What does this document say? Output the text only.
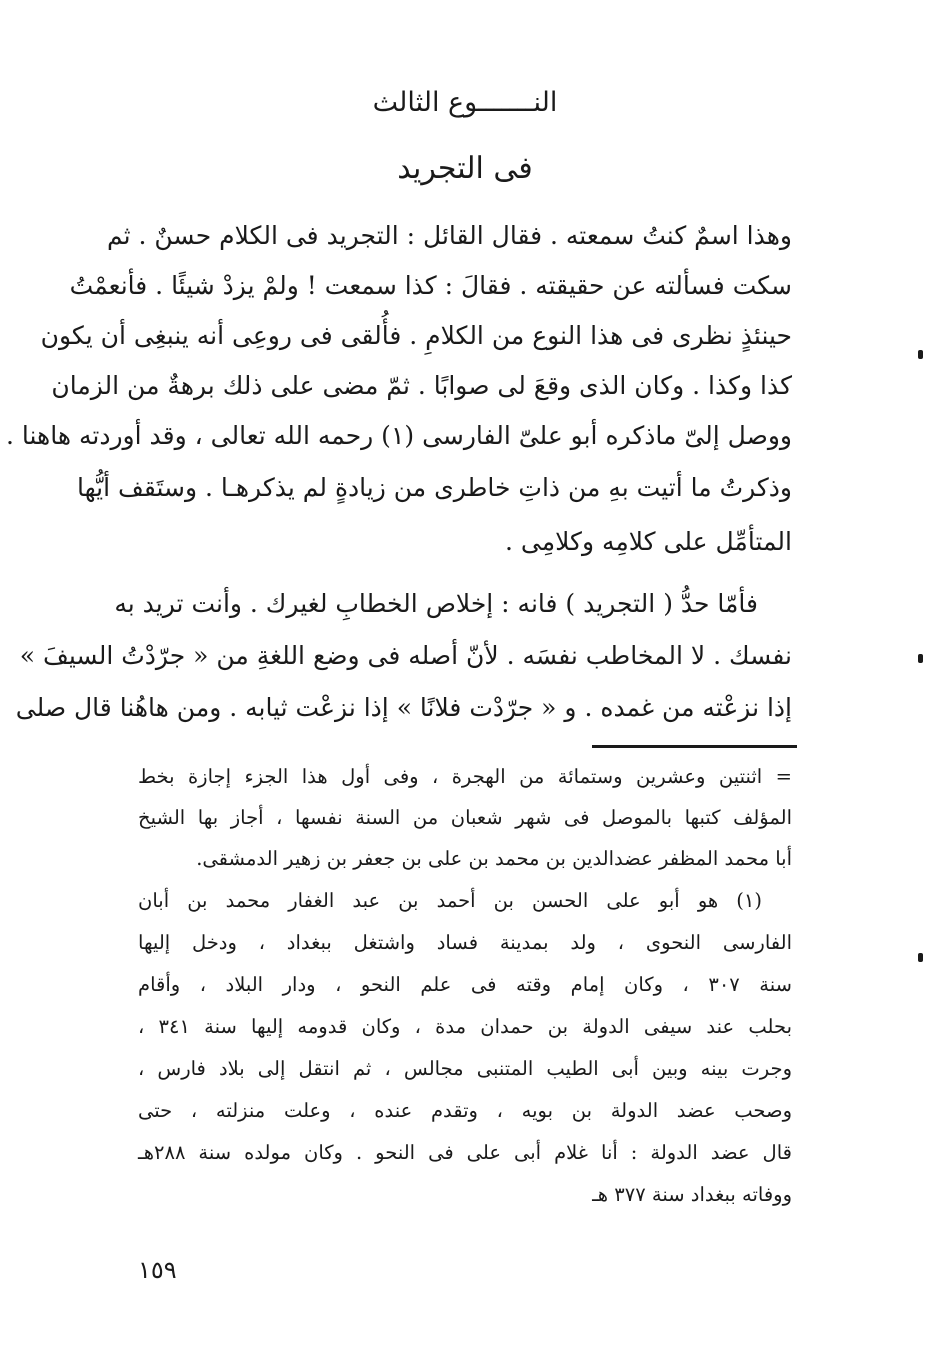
النـــــــوع الثالث
فى التجريد
وهذا اسمٌ كنتُ سمعته . فقال القائل : التجريد فى الكلام حسنٌ . ثم
سكت فسألته عن حقيقته . فقالَ : كذا سمعت ! ولمْ يزدْ شيئًا . فأنعمْتُ
حينئذٍ نظرى فى هذا النوع من الكلامِ . فأُلقى فى روعِى أنه ينبغِى أن يكون
كذا وكذا . وكان الذى وقعَ لى صوابًا . ثمّ مضى على ذلك برهةٌ من الزمان
ووصل إلىّ ماذكره أبو علىّ الفارسى (١) رحمه الله تعالى ، وقد أوردته هاهنا .
وذكرتُ ما أتيت بهِ من ذاتِ خاطرى من زيادةٍ لم يذكرهـا . وستَقف أيُّها
المتأمِّل على كلامِه وكلامِى .
فأمّا حدُّ ( التجريد ) فانه : إخلاص الخطابِ لغيرك . وأنت تريد به
نفسك . لا المخاطب نفسَه . لأنّ أصله فى وضع اللغةِ من « جرّدْتُ السيفَ »
إذا نزعْته من غمده . و « جرّدْت فلانًا » إذا نزعْت ثيابه . ومن هاهُنا قال صلى
= اثنتين وعشرين وستمائة من الهجرة ، وفى أول هذا الجزء إجازة بخط
المؤلف كتبها بالموصل فى شهر شعبان من السنة نفسها ، أجاز بها الشيخ
أبا محمد المظفر عضدالدين بن محمد بن على بن جعفر بن زهير الدمشقى.
(١) هو أبو على الحسن بن أحمد بن عبد الغفار محمد بن أبان
الفارسى النحوى ، ولد بمدينة فساد واشتغل ببغداد ، ودخل إليها
سنة ٣٠٧ ، وكان إمام وقته فى علم النحو ، ودار البلاد ، وأقام
بحلب عند سيفى الدولة بن حمدان مدة ، وكان قدومه إليها سنة ٣٤١ ،
وجرت بينه وبين أبى الطيب المتنبى مجالس ، ثم انتقل إلى بلاد فارس ،
وصحب عضد الدولة بن بويه ، وتقدم عنده ، وعلت منزلته ، حتى
قال عضد الدولة : أنا غلام أبى على فى النحو . وكان مولده سنة ٢٨٨هـ
ووفاته ببغداد سنة ٣٧٧ هـ
١٥٩
